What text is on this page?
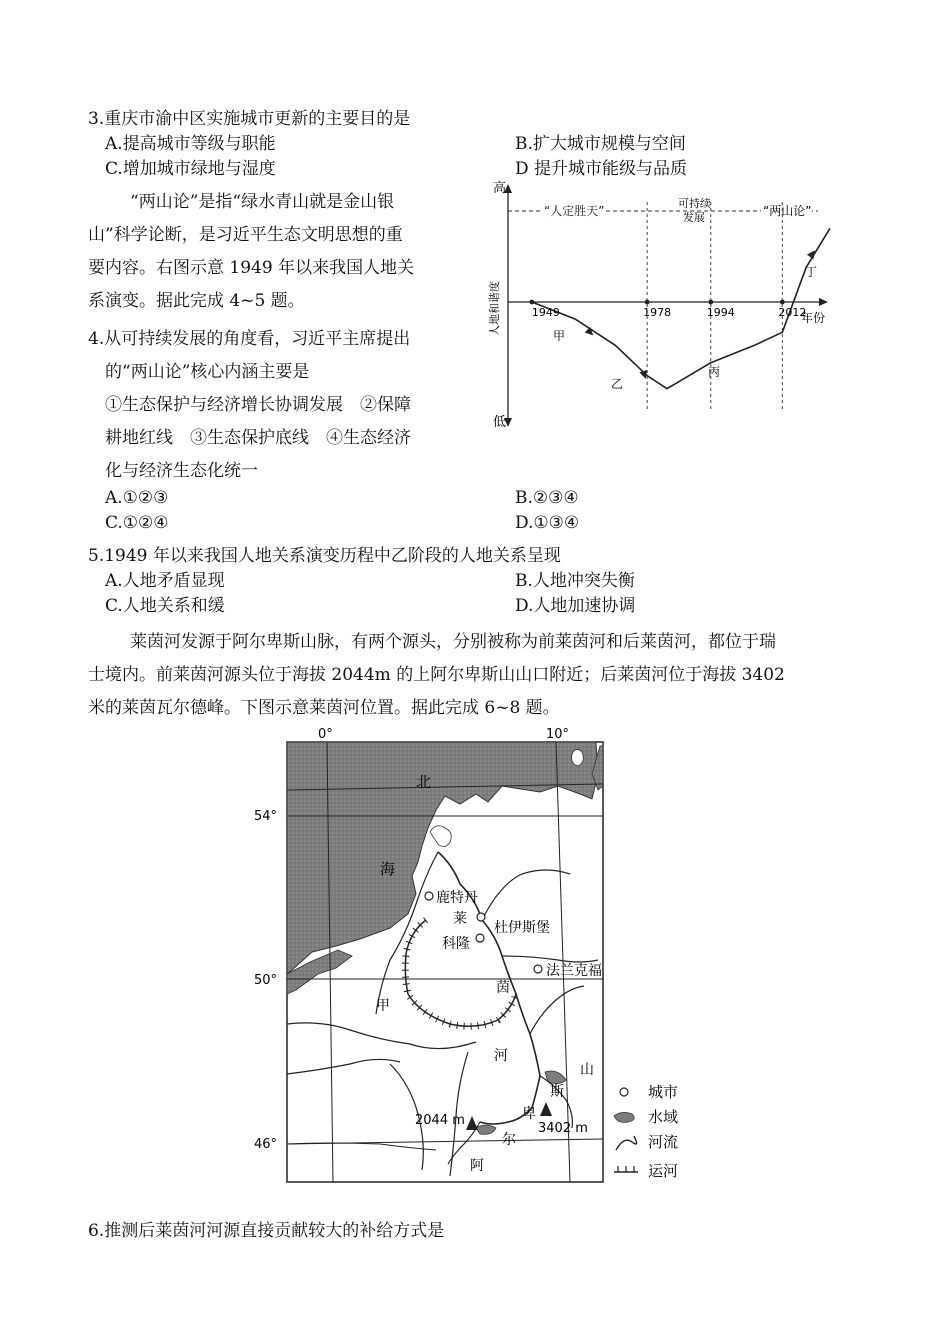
3.重庆市渝中区实施城市更新的主要目的是
A.提高城市等级与职能	B.扩大城市规模与空间
C.增加城市绿地与湿度	D 提升城市能级与品质
“两山论”是指“绿水青山就是金山银
山”科学论断，是习近平生态文明思想的重
要内容。右图示意 1949 年以来我国人地关
系演变。据此完成 4~5 题。
4.从可持续发展的角度看，习近平主席提出
的“两山论”核心内涵主要是
①生态保护与经济增长协调发展　②保障
耕地红线　③生态保护底线　④生态经济
化与经济生态化统一
A.①②③	B.②③④
C.①②④	D.①③④
5.1949 年以来我国人地关系演变历程中乙阶段的人地关系呈现
A.人地矛盾显现	B.人地冲突失衡
C.人地关系和缓	D.人地加速协调
莱茵河发源于阿尔卑斯山脉，有两个源头，分别被称为前莱茵河和后莱茵河，都位于瑞
士境内。前莱茵河源头位于海拔 2044m 的上阿尔卑斯山山口附近；后莱茵河位于海拔 3402
米的莱茵瓦尔德峰。下图示意莱茵河位置。据此完成 6~8 题。
6.推测后莱茵河河源直接贡献较大的补给方式是
高
低
人地和谐度	年份
“人定胜天”
可持续
发展	“两山论”
1949	1978	1994	2012
甲
乙
丙
丁
0°	10°
54°
50°
46°
鹿特丹
杜伊斯堡
科隆
法兰克福
北
海
莱
茵
河
甲
阿
尔
卑
斯
山
2044 m
3402 m
城市
水域
河流
运河
